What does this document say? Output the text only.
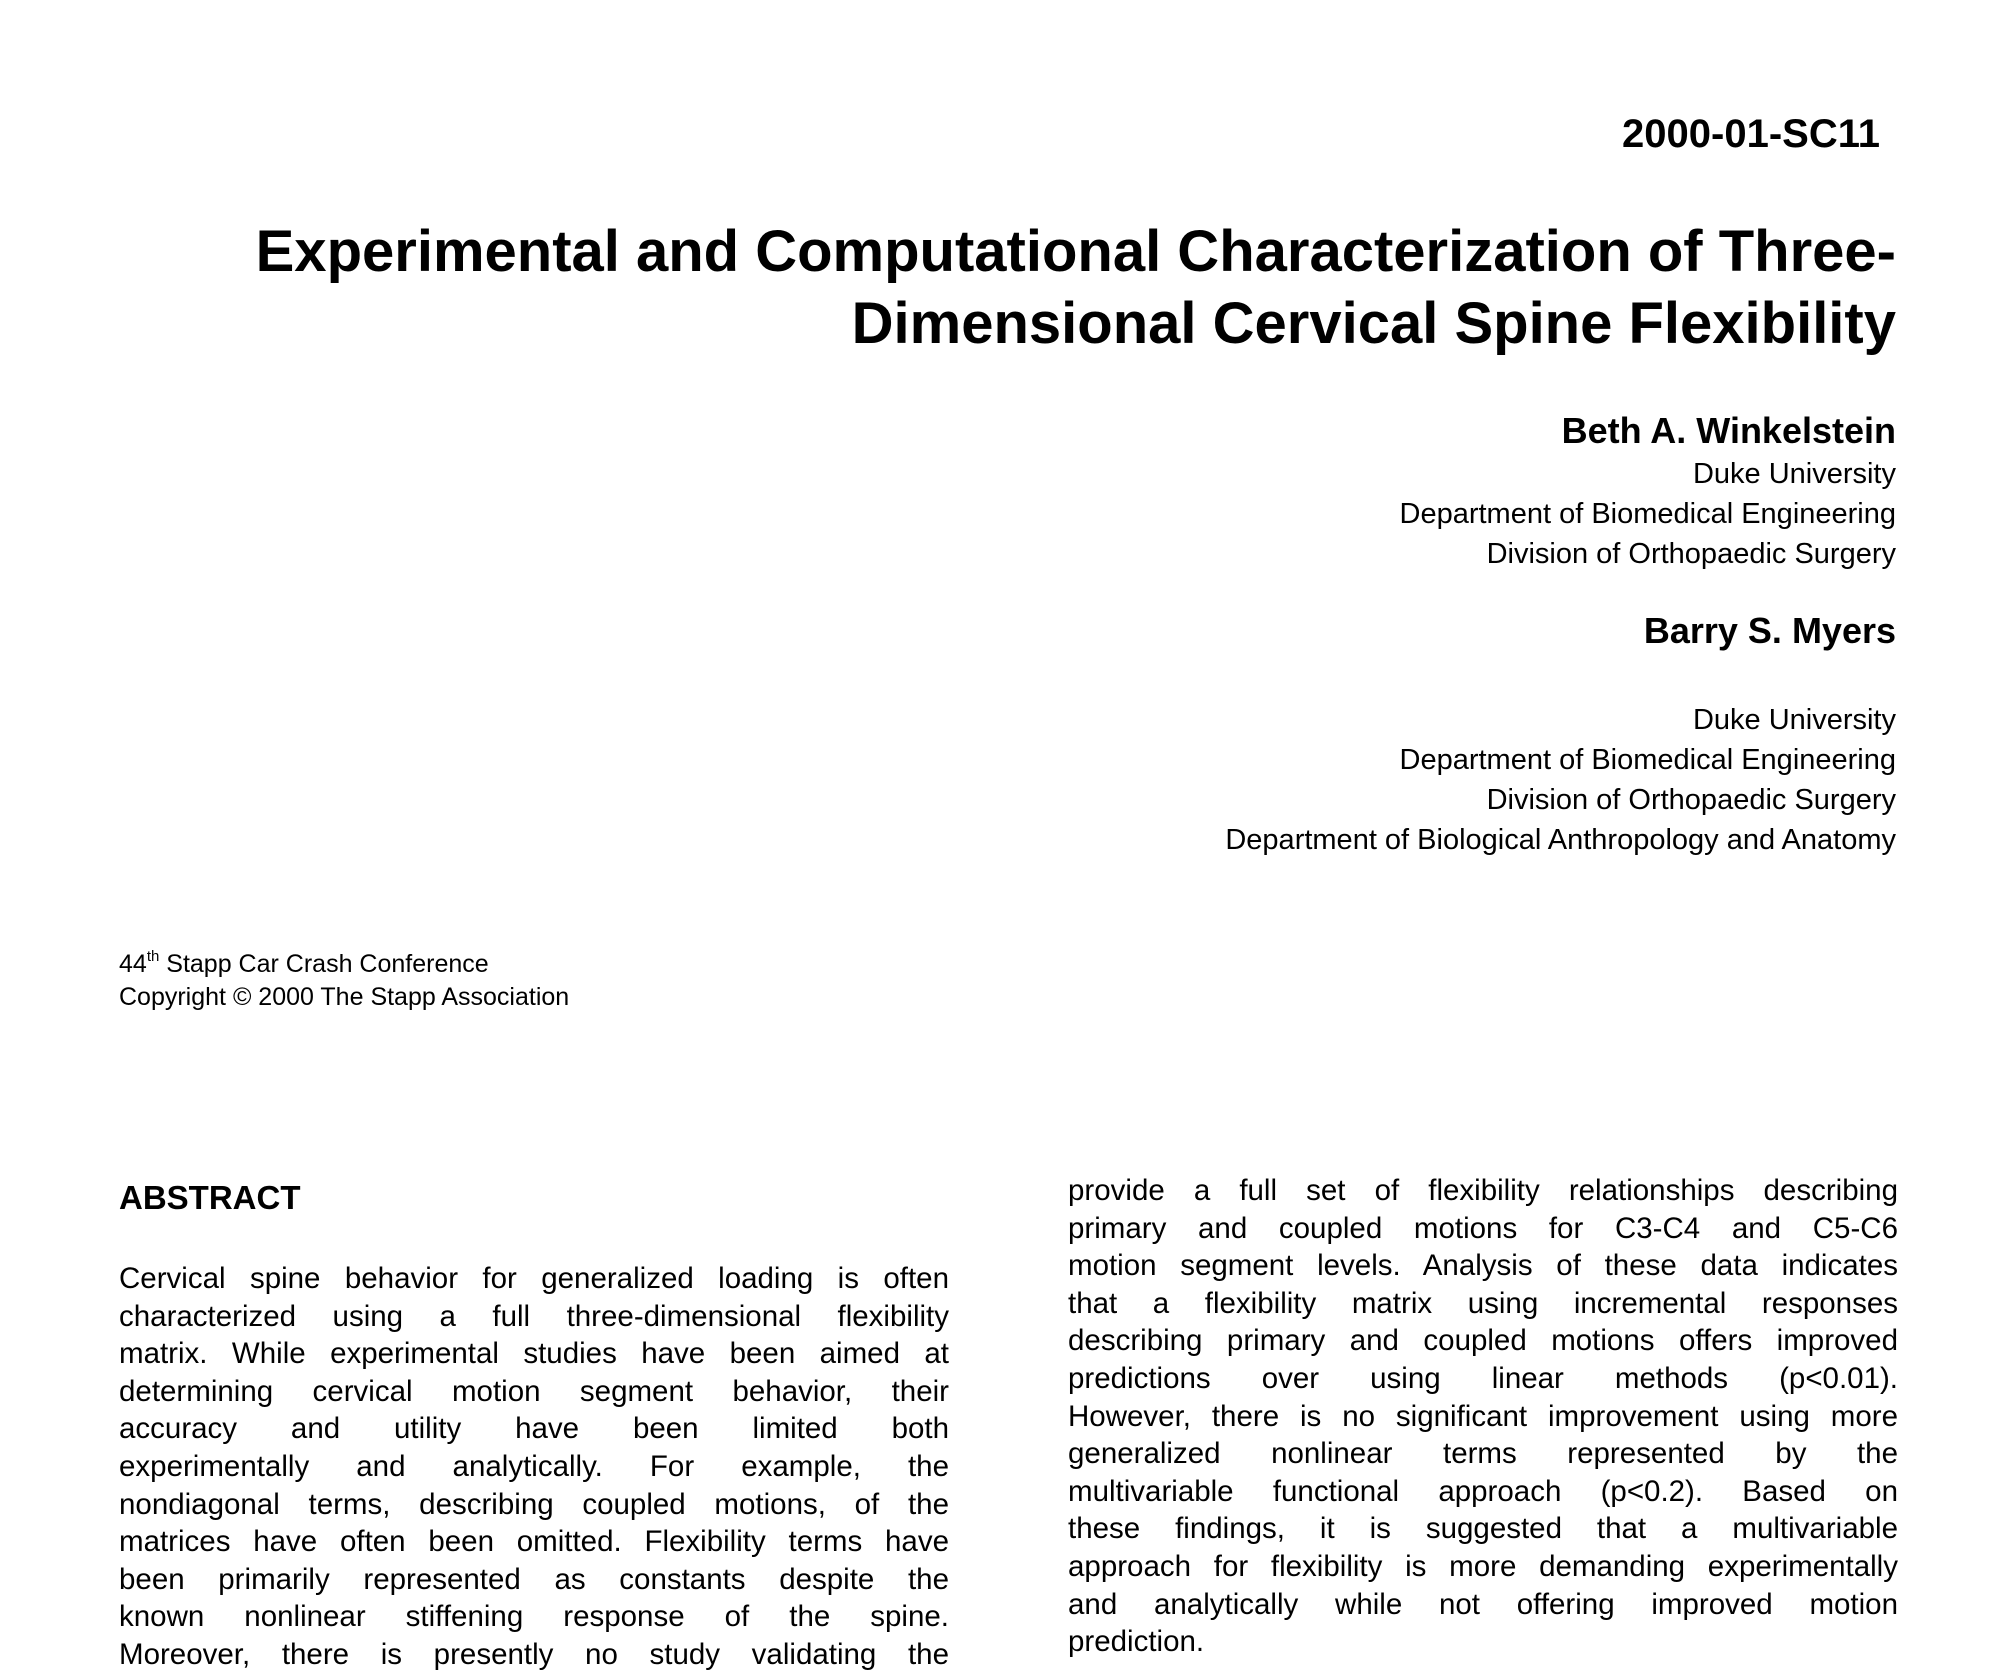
2000-01-SC11
Experimental and Computational Characterization of Three-
Dimensional Cervical Spine Flexibility
Beth A. Winkelstein
Duke University
Department of Biomedical Engineering
Division of Orthopaedic Surgery
Barry S. Myers
Duke University
Department of Biomedical Engineering
Division of Orthopaedic Surgery
Department of Biological Anthropology and Anatomy
44th Stapp Car Crash Conference
Copyright © 2000 The Stapp Association
ABSTRACT

Cervical spine behavior for generalized loading is often

characterized using a full three-dimensional flexibility

matrix. While experimental studies have been aimed at

determining cervical motion segment behavior, their

accuracy and utility have been limited both

experimentally and analytically. For example, the

nondiagonal terms, describing coupled motions, of the

matrices have often been omitted. Flexibility terms have

been primarily represented as constants despite the

known nonlinear stiffening response of the spine.

Moreover, there is presently no study validating the

provide a full set of flexibility relationships describing

primary and coupled motions for C3-C4 and C5-C6

motion segment levels. Analysis of these data indicates

that a flexibility matrix using incremental responses

describing primary and coupled motions offers improved

predictions over using linear methods (p<0.01).

However, there is no significant improvement using more

generalized nonlinear terms represented by the

multivariable functional approach (p<0.2). Based on

these findings, it is suggested that a multivariable

approach for flexibility is more demanding experimentally

and analytically while not offering improved motion

prediction.
